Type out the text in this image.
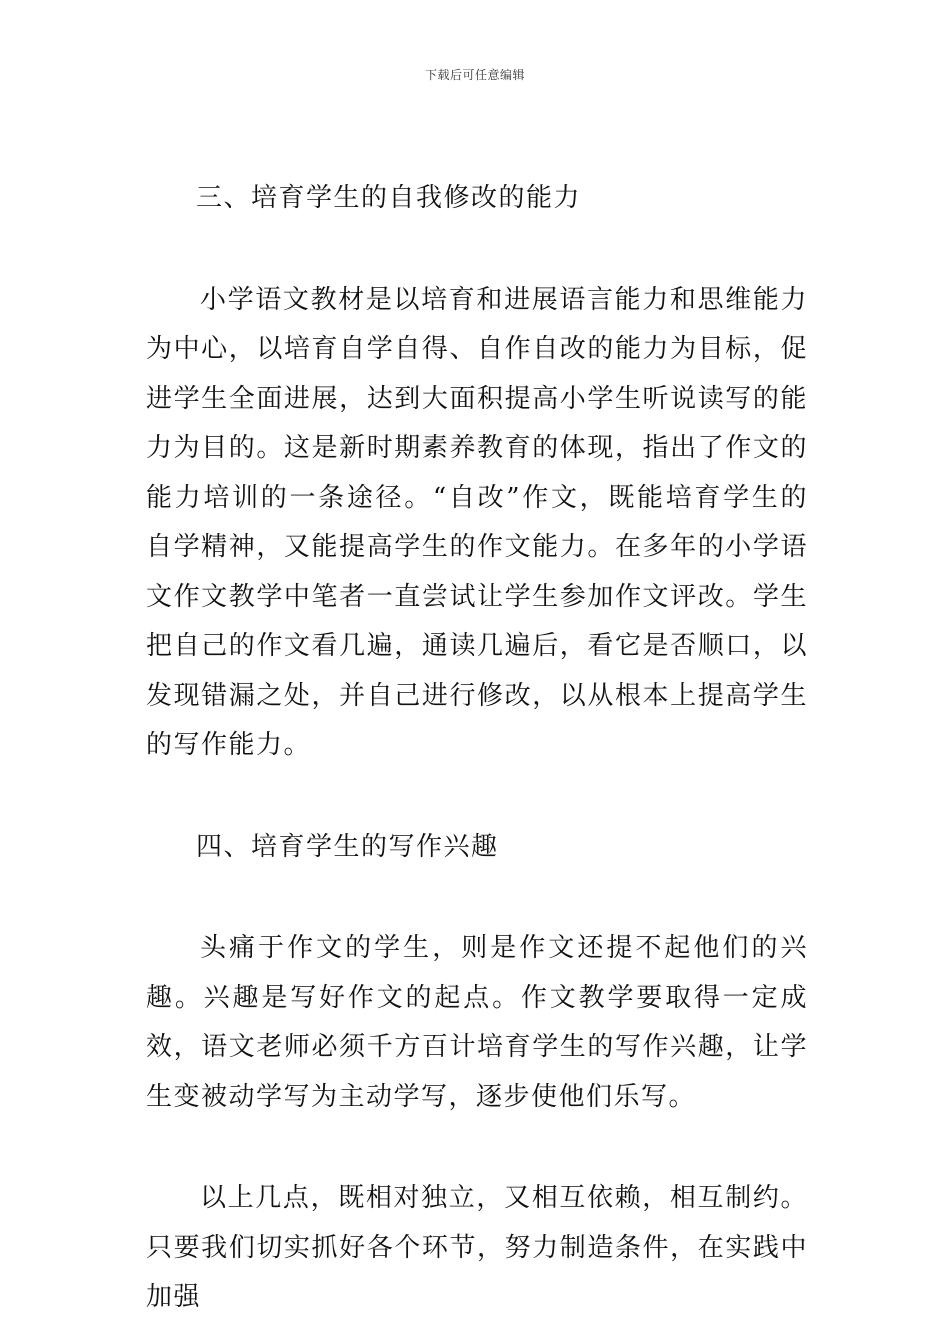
下载后可任意编辑

三、培育学生的自我修改的能力

小学语文教材是以培育和进展语言能力和思维能力为中心，以培育自学自得、自作自改的能力为目标，促进学生全面进展，达到大面积提高小学生听说读写的能力为目的。这是新时期素养教育的体现，指出了作文的能力培训的一条途径。“自改”作文，既能培育学生的自学精神，又能提高学生的作文能力。在多年的小学语文作文教学中笔者一直尝试让学生参加作文评改。学生把自己的作文看几遍，通读几遍后，看它是否顺口，以发现错漏之处，并自己进行修改，以从根本上提高学生的写作能力。

四、培育学生的写作兴趣

头痛于作文的学生，则是作文还提不起他们的兴趣。兴趣是写好作文的起点。作文教学要取得一定成效，语文老师必须千方百计培育学生的写作兴趣，让学生变被动学写为主动学写，逐步使他们乐写。

以上几点，既相对独立，又相互依赖，相互制约。只要我们切实抓好各个环节，努力制造条件，在实践中加强
